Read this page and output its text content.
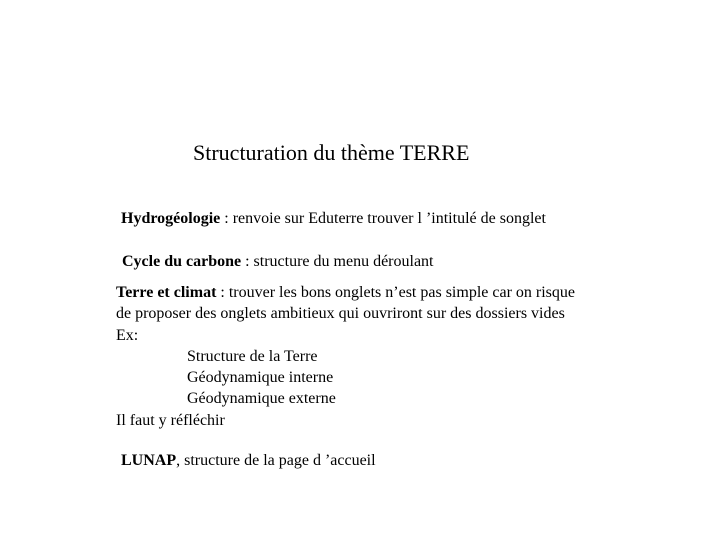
Structuration du thème TERRE
Hydrogéologie : renvoie sur Eduterre trouver l ’intitulé de songlet
Cycle du carbone : structure du menu déroulant
Terre et climat : trouver les bons onglets n’est pas simple car on risque
de proposer des onglets ambitieux qui ouvriront sur des dossiers vides
Ex:
Structure de la Terre
Géodynamique interne
Géodynamique externe
Il faut y réfléchir
LUNAP, structure de la page d ’accueil
